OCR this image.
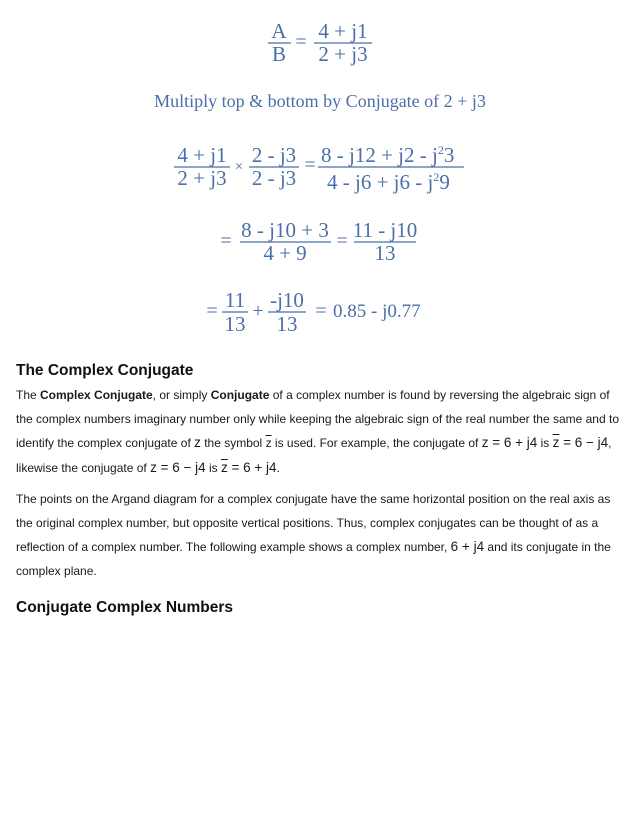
A
B = 4 + j1
2 + j3
Multiply top & bottom by Conjugate of 2 + j3
4 + j1
2 + j3 × 2 - j3
2 - j3
= $8 - j12 + j2 - j^23$
$4 - j6 + j6 - j^29$
= 8 - j10 + 3
4 + 9 = 11 - j10
13
= 11
13
+ -j10
13
= 0.85 - j0.77
The Complex Conjugate

The Complex Conjugate, or simply Conjugate of a complex number is found by reversing the algebraic sign of the complex numbers imaginary number only while keeping the algebraic sign of the real number the same and to identify the complex conjugate of z the symbol $\overline{z}$ is used. For example, the conjugate of z = 6 + j4 is $\overline{z} = 6 - j4$, likewise the conjugate of z = 6 − j4 is $\overline{z} = 6 + j4$.

The points on the Argand diagram for a complex conjugate have the same horizontal position on the real axis as the original complex number, but opposite vertical positions. Thus, complex conjugates can be thought of as a reflection of a complex number. The following example shows a complex number, 6 + j4 and its conjugate in the complex plane.

Conjugate Complex Numbers
